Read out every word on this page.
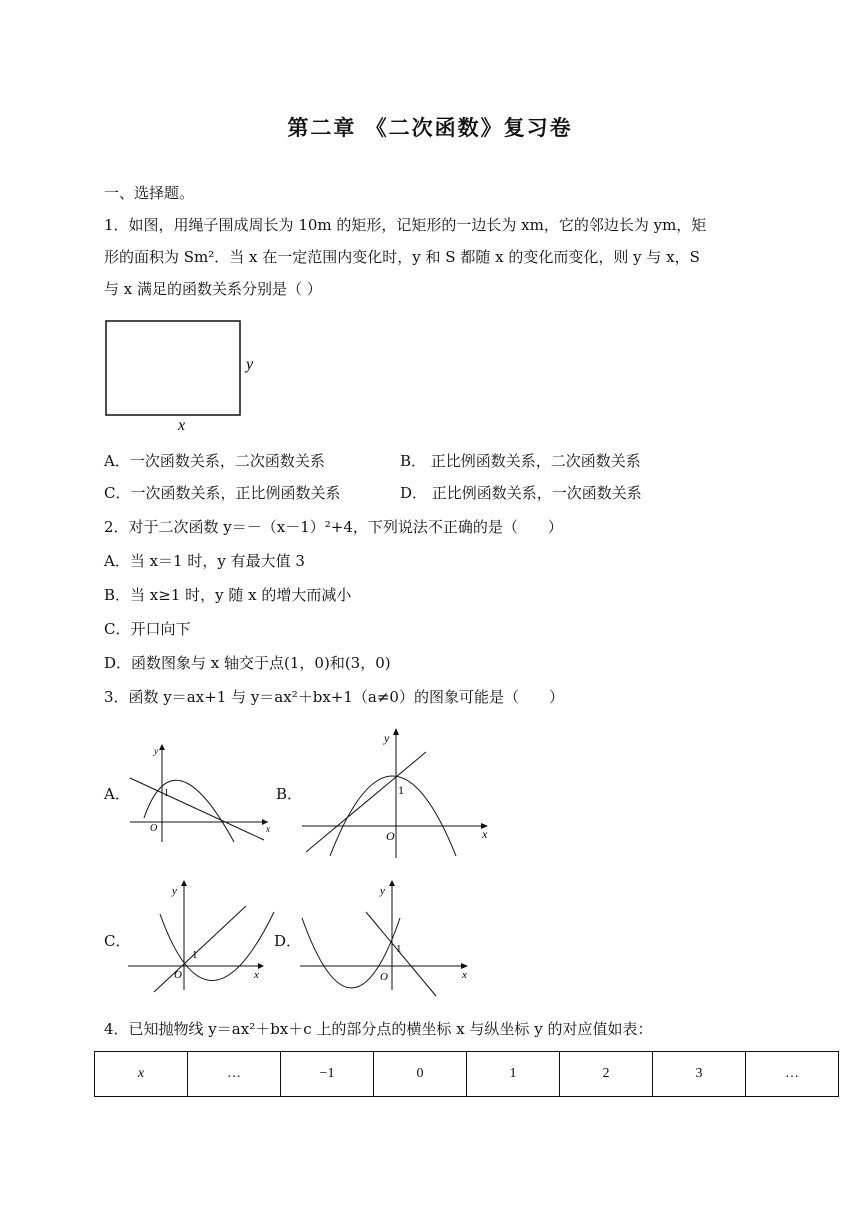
第二章 《二次函数》复习卷
一、选择题。
1．如图，用绳子围成周长为 10m 的矩形，记矩形的一边长为 xm，它的邻边长为 ym，矩
形的面积为 Sm²．当 x 在一定范围内变化时，y 和 S 都随 x 的变化而变化，则 y 与 x，S
与 x 满足的函数关系分别是（ ）
y
x
A．一次函数关系，二次函数关系	B． 正比例函数关系，二次函数关系
C．一次函数关系，正比例函数关系	D． 正比例函数关系，一次函数关系
2．对于二次函数 y＝－（x－1）²+4，下列说法不正确的是（　　）
A．当 x＝1 时，y 有最大值 3
B．当 x≥1 时，y 随 x 的增大而减小
C．开口向下
D．函数图象与 x 轴交于点(1，0)和(3，0)
3．函数 y＝ax+1 与 y＝ax²＋bx+1（a≠0）的图象可能是（　　）
A．	1
O	x
y
B．	1
O	x
y
C．
1
O	x
y
D．	1
O	x
y
4．已知抛物线 y＝ax²＋bx＋c 上的部分点的横坐标 x 与纵坐标 y 的对应值如表：
x	…	−1	0	1	2	3	…
